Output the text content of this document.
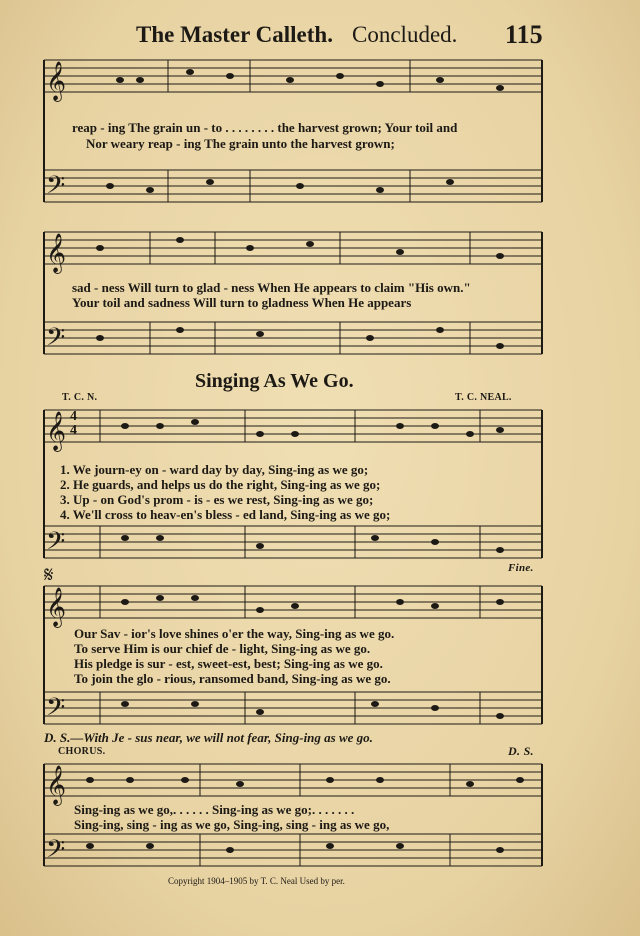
The Master Calleth. Concluded. 115
𝄞
𝄢
𝄞
𝄢
𝄞
𝄢
𝄞
𝄢
𝄞
𝄢
𝄋
reap - ing The grain un - to . . . . . . . . the harvest grown; Your toil and
Nor weary reap - ing The grain unto the harvest grown;
sad - ness Will turn to glad - ness When He appears to claim "His own."
Your toil and sadness Will turn to gladness When He appears
Singing As We Go.
T. C. N.	T. C. NEAL.
4
4
1. We journ-ey on - ward day by day, Sing-ing as we go;
2. He guards, and helps us do the right, Sing-ing as we go;
3. Up - on God's prom - is - es we rest, Sing-ing as we go;
4. We'll cross to heav-en's bless - ed land, Sing-ing as we go;
Fine.
Our Sav - ior's love shines o'er the way, Sing-ing as we go.
To serve Him is our chief de - light, Sing-ing as we go.
His pledge is sur - est, sweet-est, best; Sing-ing as we go.
To join the glo - rious, ransomed band, Sing-ing as we go.
D. S.—With Je - sus near, we will not fear, Sing-ing as we go.
CHORUS.	D. S.
Sing-ing as we go,. . . . . . Sing-ing as we go;. . . . . . .
Sing-ing, sing - ing as we go, Sing-ing, sing - ing as we go,
Copyright 1904–1905 by T. C. Neal Used by per.
